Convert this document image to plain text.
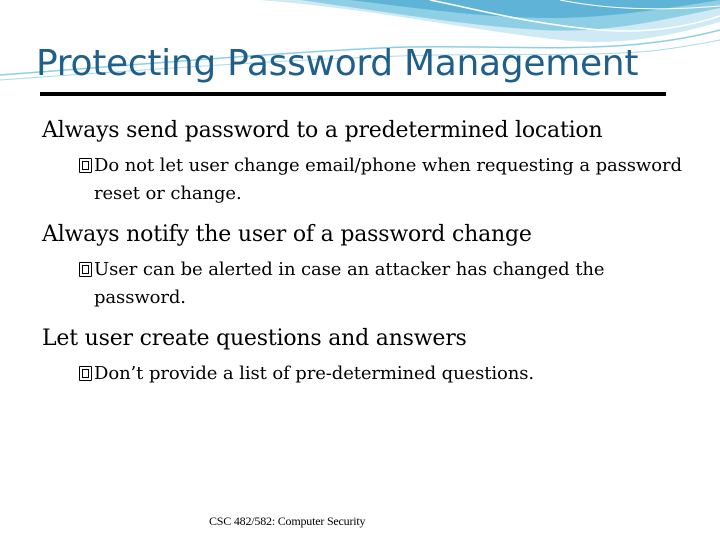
Protecting Password Management

Always send password to a predetermined location

Do not let user change email/phone when requesting a password reset or change.

Always notify the user of a password change

User can be alerted in case an attacker has changed the password.

Let user create questions and answers

Don’t provide a list of pre-determined questions.

CSC 482/582: Computer Security
